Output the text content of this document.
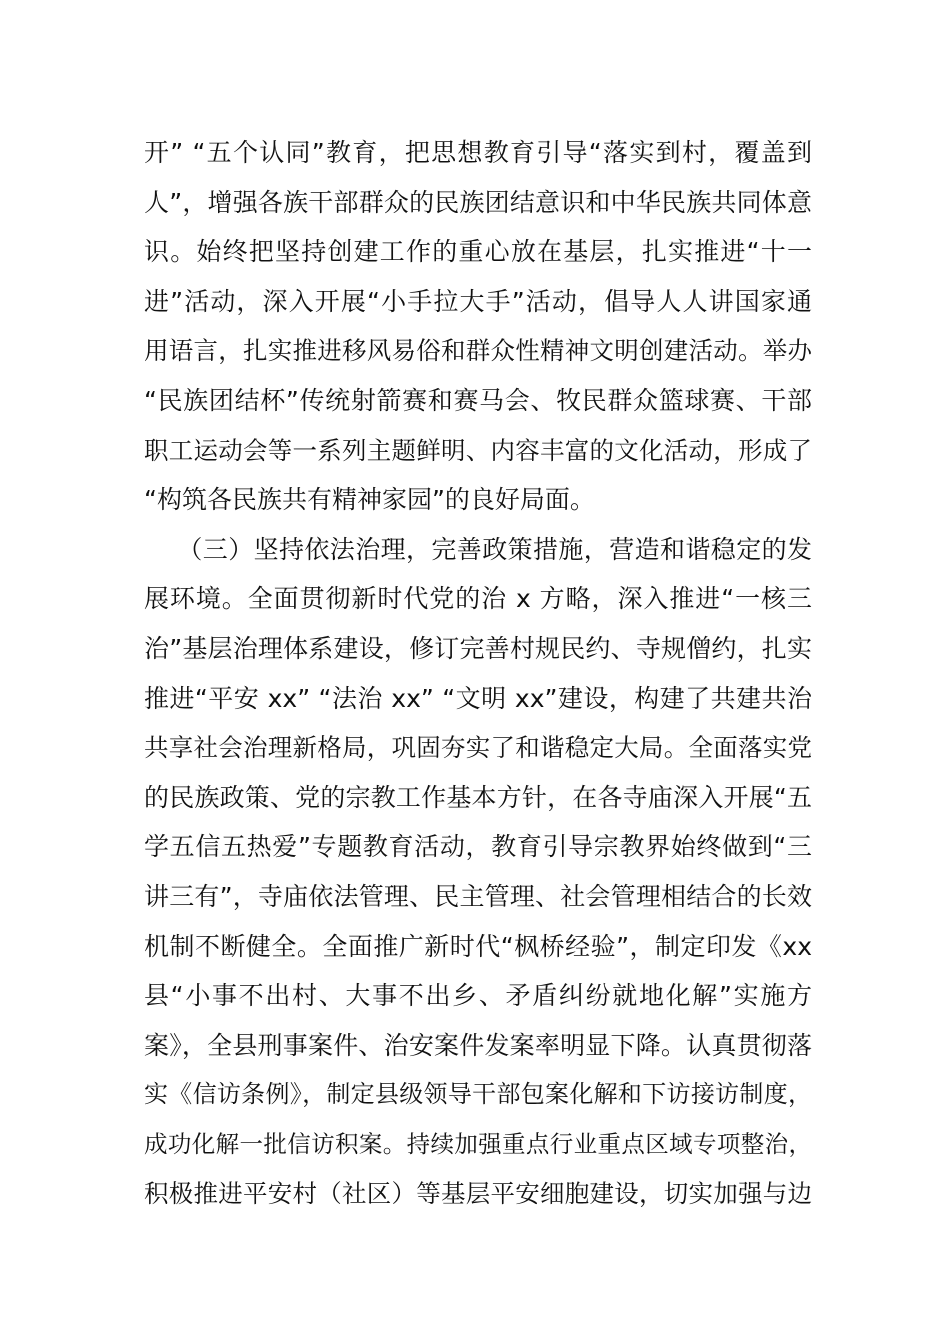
开” “五个认同”教育，把思想教育引导“落实到村，覆盖到
人”，增强各族干部群众的民族团结意识和中华民族共同体意
识。始终把坚持创建工作的重心放在基层，扎实推进“十一
进”活动，深入开展“小手拉大手”活动，倡导人人讲国家通
用语言，扎实推进移风易俗和群众性精神文明创建活动。举办
“民族团结杯”传统射箭赛和赛马会、牧民群众篮球赛、干部
职工运动会等一系列主题鲜明、内容丰富的文化活动，形成了
“构筑各民族共有精神家园”的良好局面。
（三）坚持依法治理，完善政策措施，营造和谐稳定的发
展环境。全面贯彻新时代党的治 x 方略，深入推进“一核三
治”基层治理体系建设，修订完善村规民约、寺规僧约，扎实
推进“平安 xx” “法治 xx” “文明 xx”建设，构建了共建共治
共享社会治理新格局，巩固夯实了和谐稳定大局。全面落实党
的民族政策、党的宗教工作基本方针，在各寺庙深入开展“五
学五信五热爱”专题教育活动，教育引导宗教界始终做到“三
讲三有”，寺庙依法管理、民主管理、社会管理相结合的长效
机制不断健全。全面推广新时代“枫桥经验”，制定印发《xx
县“小事不出村、大事不出乡、矛盾纠纷就地化解”实施方
案》，全县刑事案件、治安案件发案率明显下降。认真贯彻落
实《信访条例》，制定县级领导干部包案化解和下访接访制度，
成功化解一批信访积案。持续加强重点行业重点区域专项整治，
积极推进平安村（社区）等基层平安细胞建设，切实加强与边
